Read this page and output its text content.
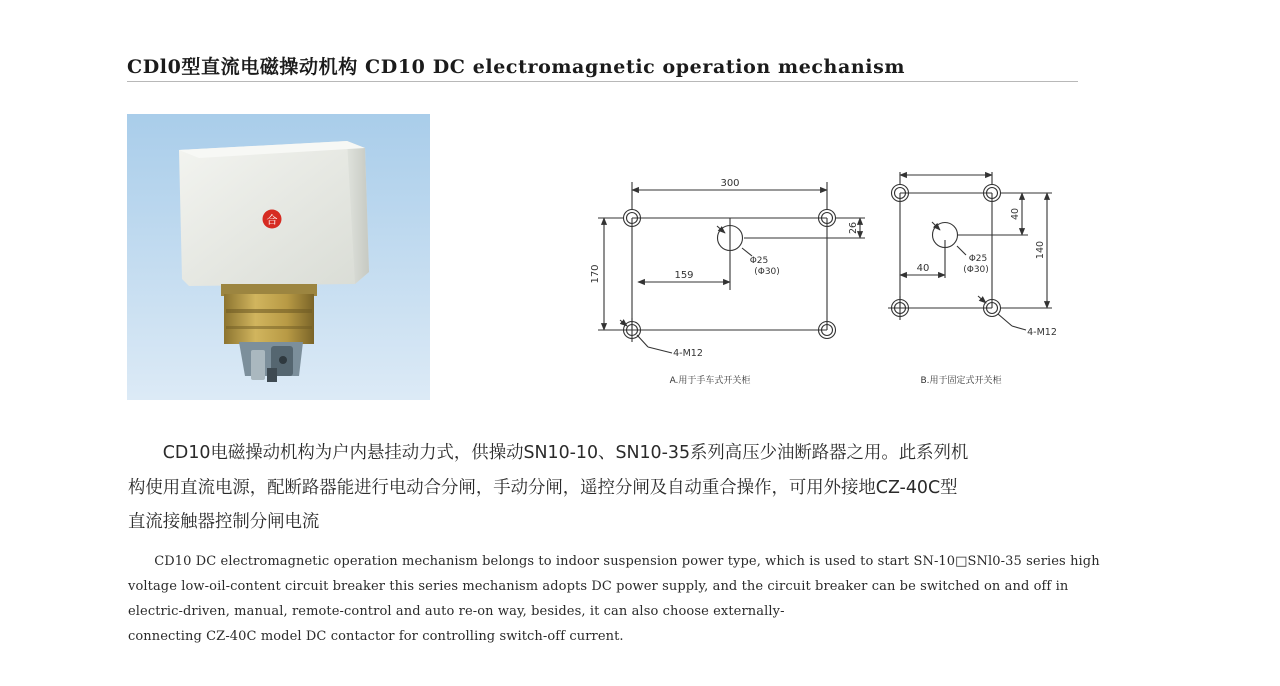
CDl0型直流电磁操动机构 CD10 DC electromagnetic operation mechanism
合
300
26
170	159
Φ25
(Φ30)
4-M12
A.用于手车式开关柜
40
140
40
Φ25
(Φ30)
4-M12
B.用于固定式开关柜

　　CD10电磁操动机构为户内悬挂动力式，供操动SN10-10、SN10-35系列高压少油断路器之用。此系列机
构使用直流电源，配断路器能进行电动合分闸，手动分闸，遥控分闸及自动重合操作，可用外接地CZ-40C型
直流接触器控制分闸电流

　　CD10 DC electromagnetic operation mechanism belongs to indoor suspension power type, which is used to start SN-10□SNl0-35 series high
voltage low-oil-content circuit breaker this series mechanism adopts DC power supply, and the circuit breaker can be switched on and off in
electric-driven, manual, remote-control and auto re-on way, besides, it can also choose externally-
connecting CZ-40C model DC contactor for controlling switch-off current.
